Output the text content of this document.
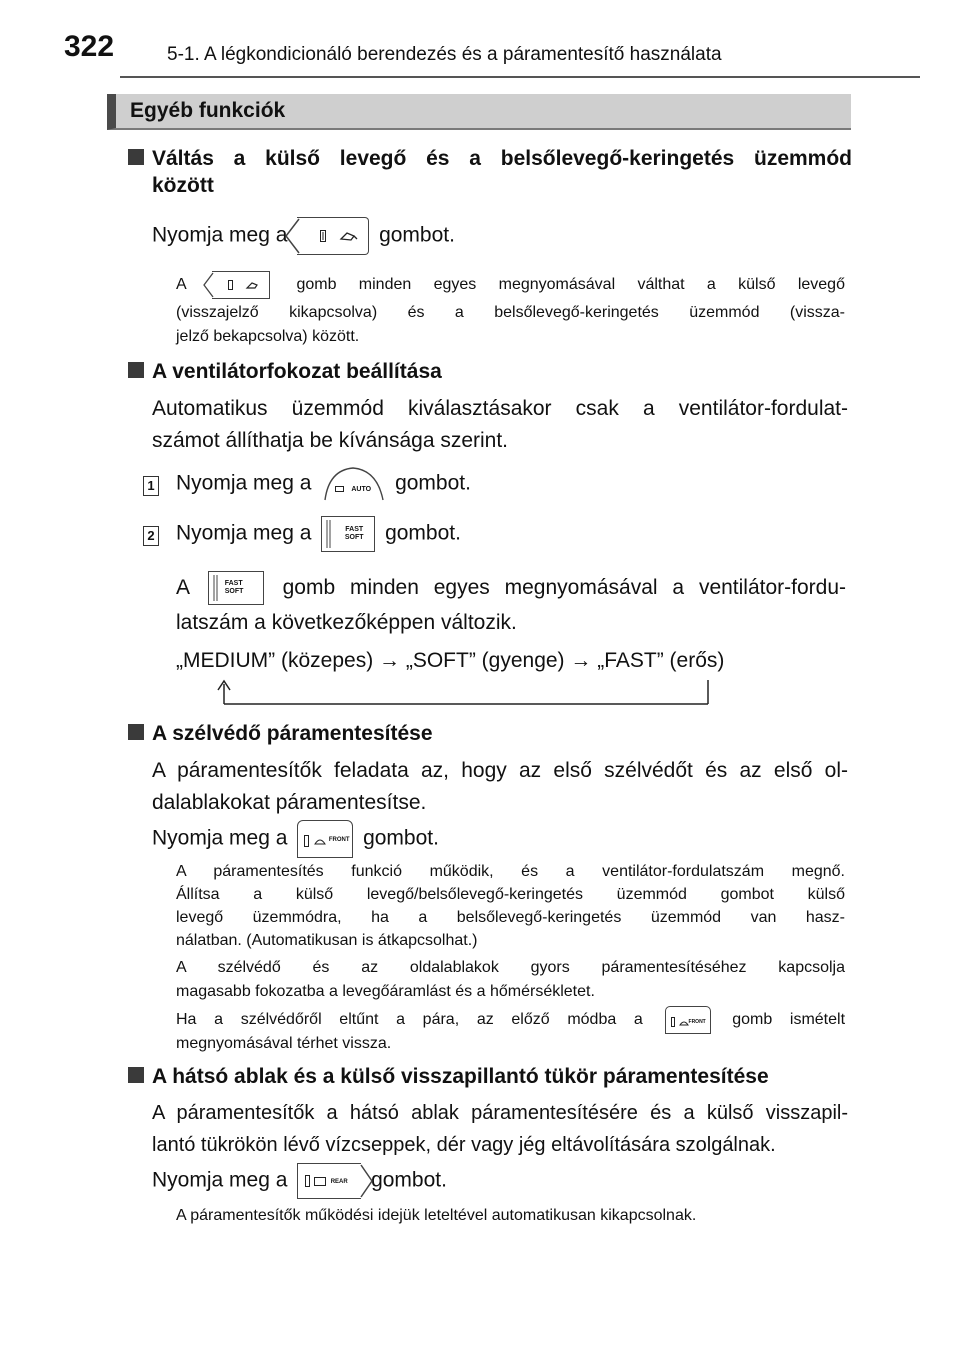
322	5-1. A légkondicionáló berendezés és a páramentesítő használata
Egyéb funkciók
Váltás a külső levegő és a belsőlevegő-keringetés üzemmód
között
Nyomja meg a	gombot.
A	gomb minden egyes megnyomásával válthat a külső levegő
(visszajelző kikapcsolva) és a belsőlevegő-keringetés üzemmód (vissza-
jelző bekapcsolva) között.
A ventilátorfokozat beállítása
Automatikus üzemmód kiválasztásakor csak a ventilátor-fordulat-
számot állíthatja be kívánsága szerint.
1 Nyomja meg a	AUTO gombot.
2 Nyomja meg a	FAST
SOFT	gombot.
A	FAST
SOFT	gomb minden egyes megnyomásával a ventilátor-fordu-
latszám a következőképpen változik.
„MEDIUM” (közepes) → „SOFT” (gyenge) → „FAST” (erős)
A szélvédő páramentesítése
A páramentesítők feladata az, hogy az első szélvédőt és az első ol-
dalablakokat páramentesítse.
Nyomja meg a	FRONT gombot.
A páramentesítés funkció működik, és a ventilátor-fordulatszám megnő.
Állítsa a külső levegő/belsőlevegő-keringetés üzemmód gombot külső
levegő üzemmódra, ha a belsőlevegő-keringetés üzemmód van hasz-
nálatban. (Automatikusan is átkapcsolhat.)
A szélvédő és az oldalablakok gyors páramentesítéséhez kapcsolja
magasabb fokozatba a levegőáramlást és a hőmérsékletet.
Ha a szélvédőről eltűnt a pára, az előző módba a	FRONT gomb ismételt
megnyomásával térhet vissza.
A hátsó ablak és a külső visszapillantó tükör páramentesítése
A páramentesítők a hátsó ablak páramentesítésére és a külső visszapil-
lantó tükrökön lévő vízcseppek, dér vagy jég eltávolítására szolgálnak.
Nyomja meg a	REAR gombot.
A páramentesítők működési idejük leteltével automatikusan kikapcsolnak.
